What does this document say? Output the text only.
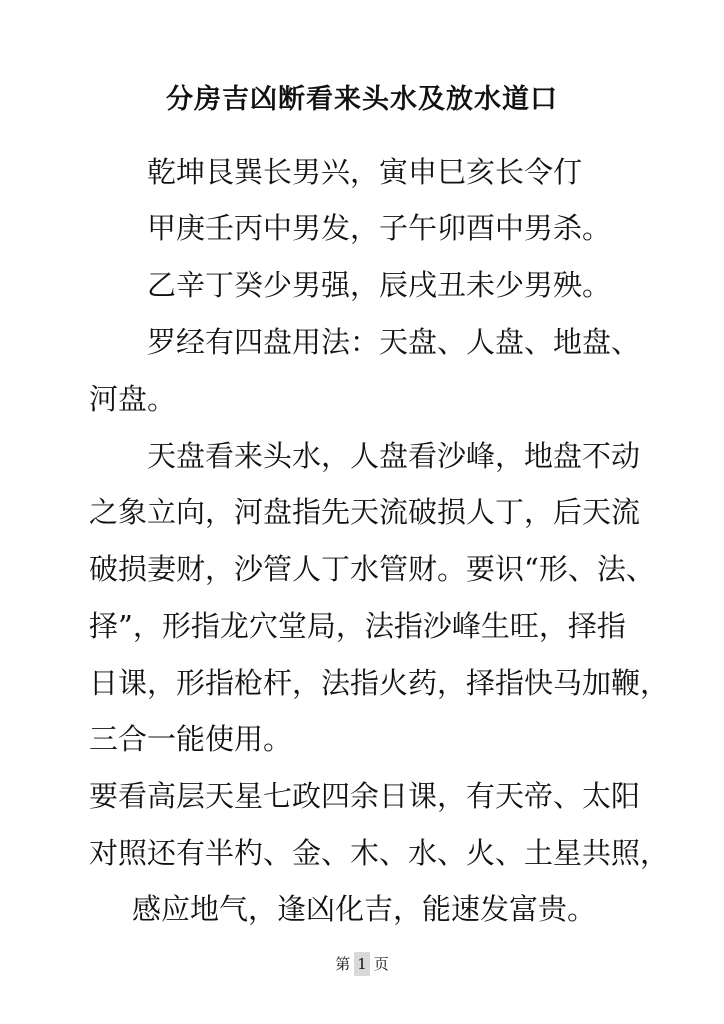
分房吉凶断看来头水及放水道口
乾坤艮巽长男兴，寅申巳亥长令仃
甲庚壬丙中男发，子午卯酉中男杀。
乙辛丁癸少男强，辰戌丑未少男殃。
罗经有四盘用法：天盘、人盘、地盘、
河盘。
天盘看来头水，人盘看沙峰，地盘不动
之象立向，河盘指先天流破损人丁，后天流
破损妻财，沙管人丁水管财。要识“形、法、
择”，形指龙穴堂局，法指沙峰生旺，择指
日课，形指枪杆，法指火药，择指快马加鞭，
三合一能使用。
要看高层天星七政四余日课，有天帝、太阳
对照还有半杓、金、木、水、火、土星共照，
感应地气，逢凶化吉，能速发富贵。
第 1 页
